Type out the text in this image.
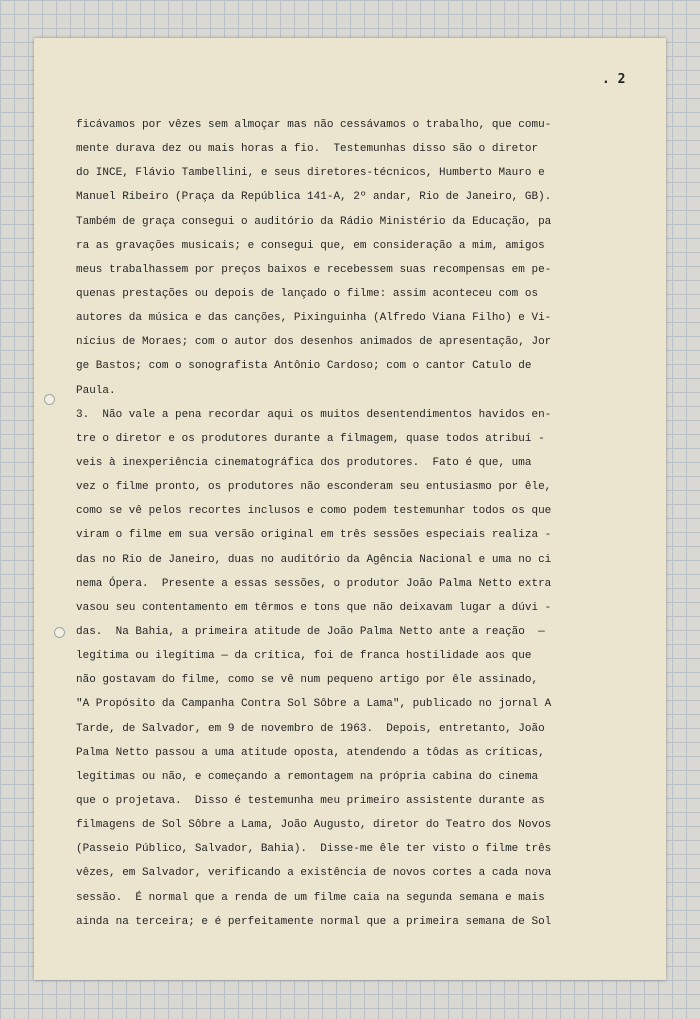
. 2
ficávamos por vêzes sem almoçar mas não cessávamos o trabalho, que comu-
mente durava dez ou mais horas a fio.  Testemunhas disso são o diretor
do INCE, Flávio Tambellini, e seus diretores-técnicos, Humberto Mauro e
Manuel Ribeiro (Praça da República 141-A, 2º andar, Rio de Janeiro, GB).
Também de graça consegui o auditório da Rádio Ministério da Educação, pa
ra as gravações musicais; e consegui que, em consideração a mim, amigos
meus trabalhassem por preços baixos e recebessem suas recompensas em pe-
quenas prestações ou depois de lançado o filme: assim aconteceu com os
autores da música e das canções, Pixinguinha (Alfredo Viana Filho) e Vi-
nícius de Moraes; com o autor dos desenhos animados de apresentação, Jor
ge Bastos; com o sonografista Antônio Cardoso; com o cantor Catulo de
Paula.
3.  Não vale a pena recordar aqui os muitos desentendimentos havidos en-
tre o diretor e os produtores durante a filmagem, quase todos atribuí -
veis à inexperiência cinematográfica dos produtores.  Fato é que, uma
vez o filme pronto, os produtores não esconderam seu entusiasmo por êle,
como se vê pelos recortes inclusos e como podem testemunhar todos os que
viram o filme em sua versão original em três sessões especiais realiza -
das no Rio de Janeiro, duas no auditório da Agência Nacional e uma no ci
nema Ópera.  Presente a essas sessões, o produtor João Palma Netto extra
vasou seu contentamento em têrmos e tons que não deixavam lugar a dúvi -
das.  Na Bahia, a primeira atitude de João Palma Netto ante a reação  —
legítima ou ilegítima — da crítica, foi de franca hostilidade aos que
não gostavam do filme, como se vê num pequeno artigo por êle assinado,
"A Propósito da Campanha Contra Sol Sôbre a Lama", publicado no jornal A
Tarde, de Salvador, em 9 de novembro de 1963.  Depois, entretanto, João
Palma Netto passou a uma atitude oposta, atendendo a tôdas as críticas,
legítimas ou não, e começando a remontagem na própria cabina do cinema
que o projetava.  Disso é testemunha meu primeiro assistente durante as
filmagens de Sol Sôbre a Lama, João Augusto, diretor do Teatro dos Novos
(Passeio Público, Salvador, Bahia).  Disse-me êle ter visto o filme três
vêzes, em Salvador, verificando a existência de novos cortes a cada nova
sessão.  É normal que a renda de um filme caia na segunda semana e mais
ainda na terceira; e é perfeitamente normal que a primeira semana de Sol
